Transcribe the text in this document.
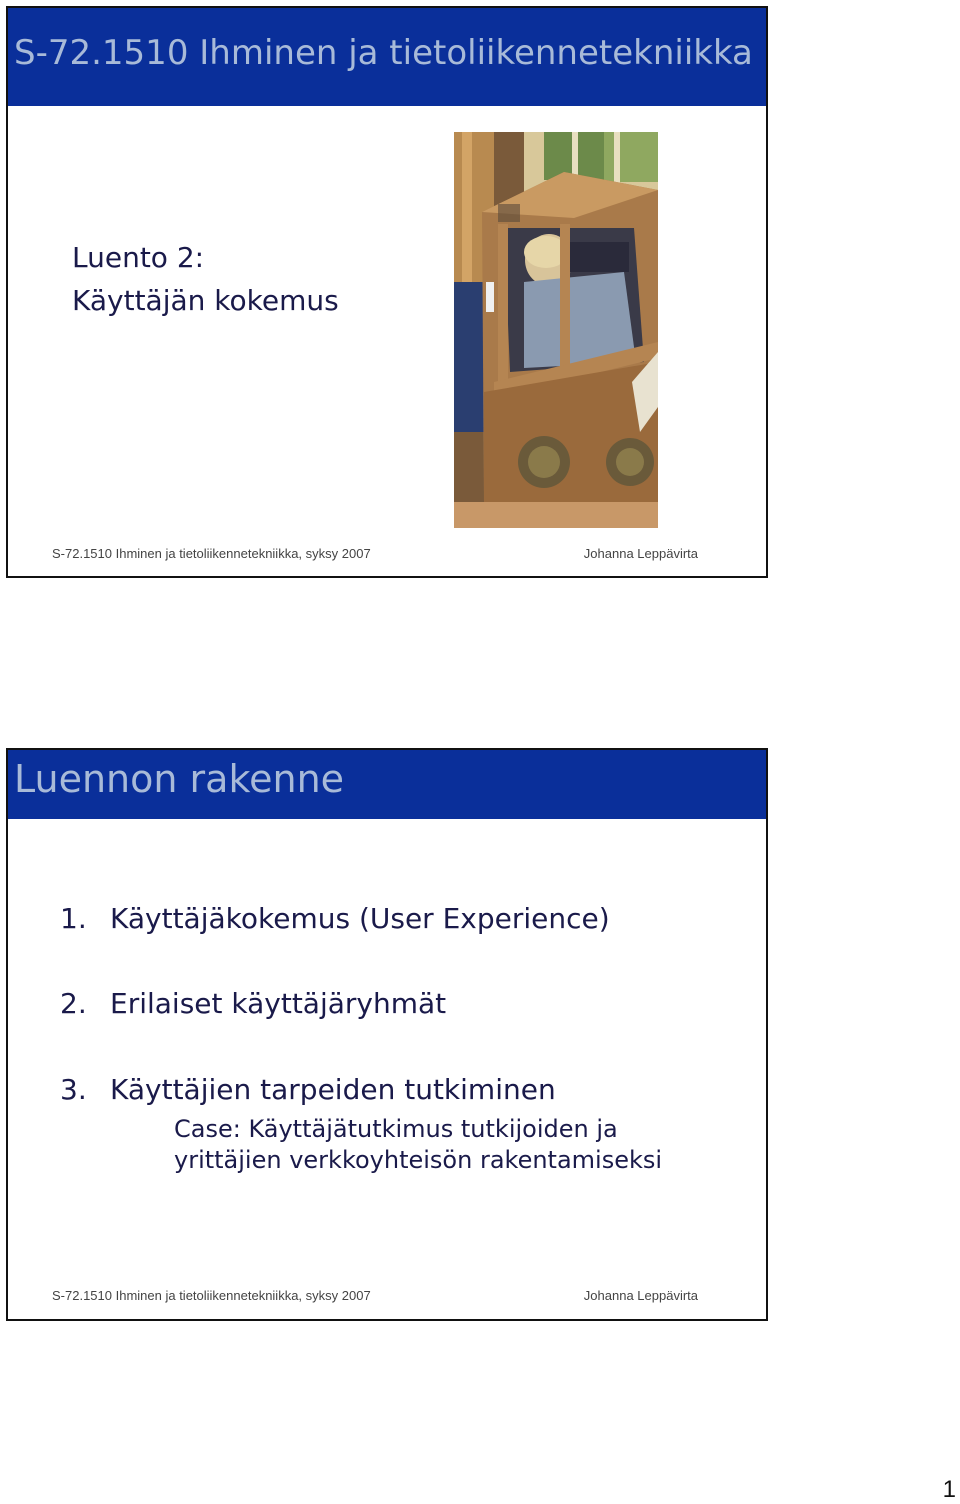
S-72.1510 Ihminen ja tietoliikennetekniikka
Luento 2:
Käyttäjän kokemus
S-72.1510 Ihminen ja tietoliikennetekniikka, syksy 2007	Johanna Leppävirta
Luennon rakenne
1. Käyttäjäkokemus (User Experience)
2. Erilaiset käyttäjäryhmät
3. Käyttäjien tarpeiden tutkiminen
Case: Käyttäjätutkimus tutkijoiden ja
yrittäjien verkkoyhteisön rakentamiseksi
S-72.1510 Ihminen ja tietoliikennetekniikka, syksy 2007	Johanna Leppävirta
1
